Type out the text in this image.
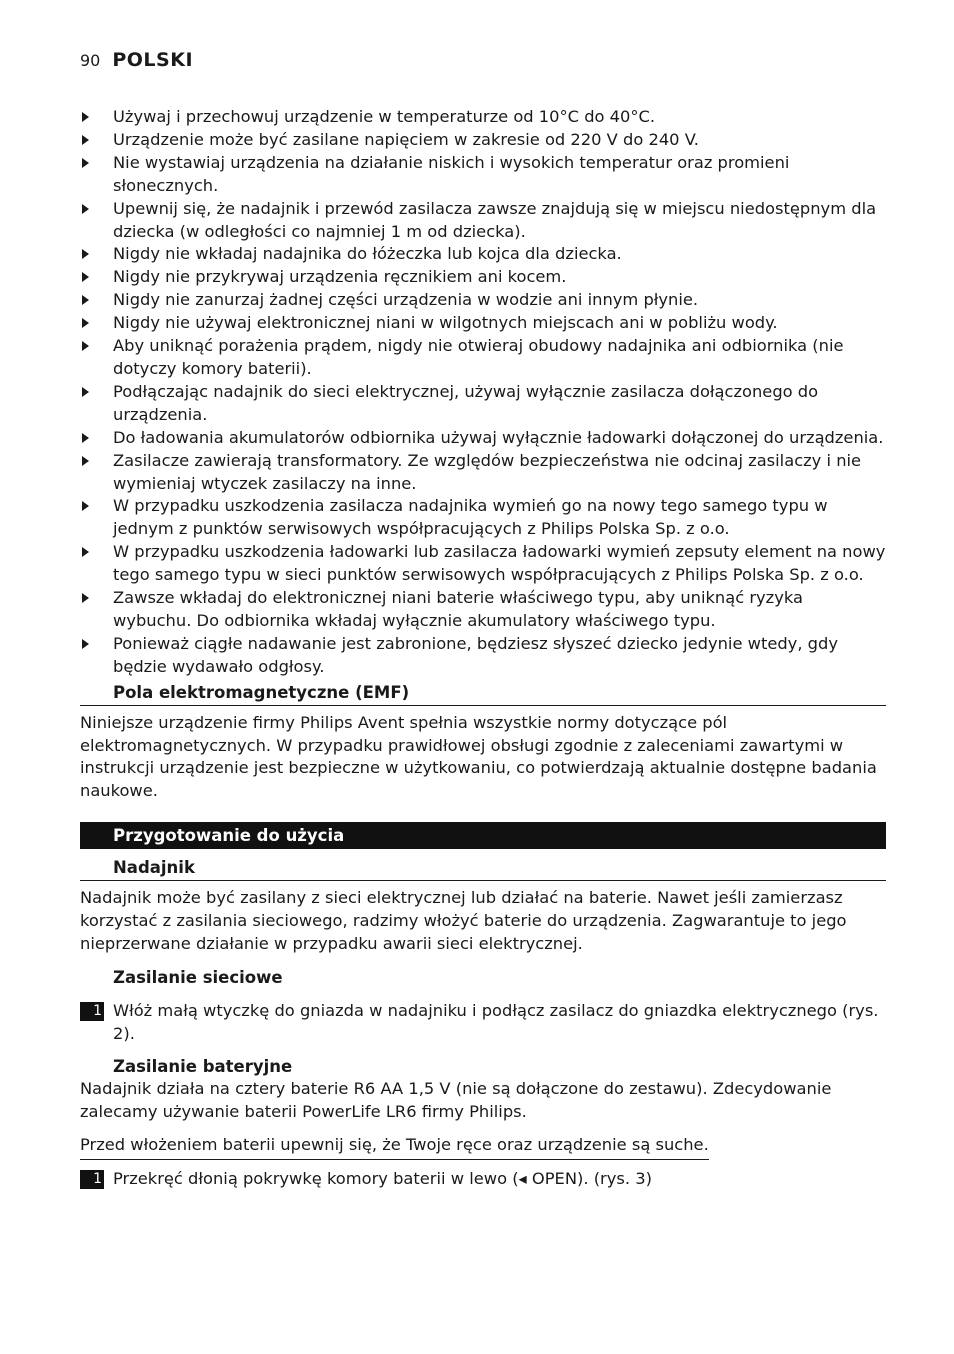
90 POLSKI
Używaj i przechowuj urządzenie w temperaturze od 10°C do 40°C.
Urządzenie może być zasilane napięciem w zakresie od 220 V do 240 V.
Nie wystawiaj urządzenia na działanie niskich i wysokich temperatur oraz promieni słonecznych.
Upewnij się, że nadajnik i przewód zasilacza zawsze znajdują się w miejscu niedostępnym dla dziecka (w odległości co najmniej 1 m od dziecka).
Nigdy nie wkładaj nadajnika do łóżeczka lub kojca dla dziecka.
Nigdy nie przykrywaj urządzenia ręcznikiem ani kocem.
Nigdy nie zanurzaj żadnej części urządzenia w wodzie ani innym płynie.
Nigdy nie używaj elektronicznej niani w wilgotnych miejscach ani w pobliżu wody.
Aby uniknąć porażenia prądem, nigdy nie otwieraj obudowy nadajnika ani odbiornika (nie dotyczy komory baterii).
Podłączając nadajnik do sieci elektrycznej, używaj wyłącznie zasilacza dołączonego do urządzenia.
Do ładowania akumulatorów odbiornika używaj wyłącznie ładowarki dołączonej do urządzenia.
Zasilacze zawierają transformatory. Ze względów bezpieczeństwa nie odcinaj zasilaczy i nie wymieniaj wtyczek zasilaczy na inne.
W przypadku uszkodzenia zasilacza nadajnika wymień go na nowy tego samego typu w jednym z punktów serwisowych współpracujących z Philips Polska Sp. z o.o.
W przypadku uszkodzenia ładowarki lub zasilacza ładowarki wymień zepsuty element na nowy tego samego typu w sieci punktów serwisowych współpracujących z Philips Polska Sp. z o.o.
Zawsze wkładaj do elektronicznej niani baterie właściwego typu, aby uniknąć ryzyka wybuchu. Do odbiornika wkładaj wyłącznie akumulatory właściwego typu.
Ponieważ ciągłe nadawanie jest zabronione, będziesz słyszeć dziecko jedynie wtedy, gdy będzie wydawało odgłosy.
Pola elektromagnetyczne (EMF)

Niniejsze urządzenie firmy Philips Avent spełnia wszystkie normy dotyczące pól elektromagnetycznych. W przypadku prawidłowej obsługi zgodnie z zaleceniami zawartymi w instrukcji urządzenie jest bezpieczne w użytkowaniu, co potwierdzają aktualnie dostępne badania naukowe.

Przygotowanie do użycia
Nadajnik

Nadajnik może być zasilany z sieci elektrycznej lub działać na baterie. Nawet jeśli zamierzasz korzystać z zasilania sieciowego, radzimy włożyć baterie do urządzenia. Zagwarantuje to jego nieprzerwane działanie w przypadku awarii sieci elektrycznej.

Zasilanie sieciowe
1 Włóż małą wtyczkę do gniazda w nadajniku i podłącz zasilacz do gniazdka elektrycznego (rys. 2).
Zasilanie bateryjne

Nadajnik działa na cztery baterie R6 AA 1,5 V (nie są dołączone do zestawu). Zdecydowanie zalecamy używanie baterii PowerLife LR6 firmy Philips.

Przed włożeniem baterii upewnij się, że Twoje ręce oraz urządzenie są suche.
1 Przekręć dłonią pokrywkę komory baterii w lewo (◂ OPEN). (rys. 3)
